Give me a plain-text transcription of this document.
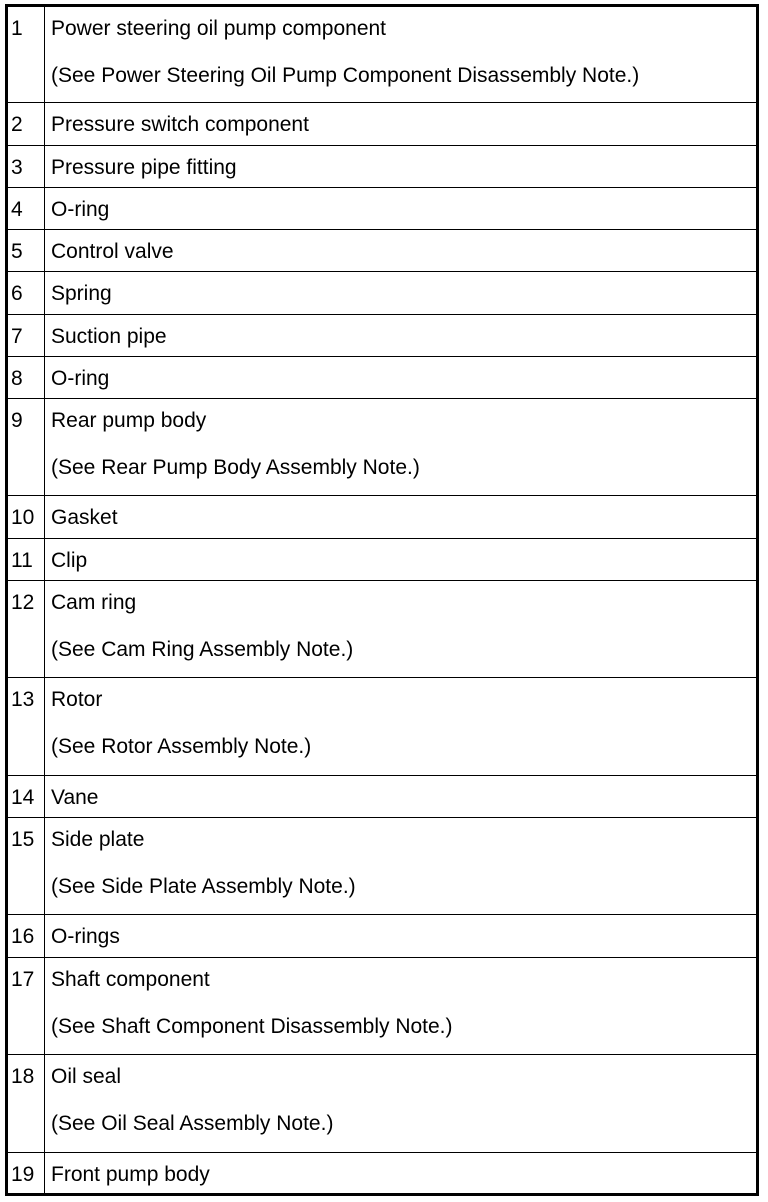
1	Power steering oil pump component
(See Power Steering Oil Pump Component Disassembly Note.)

2	Pressure switch component

3	Pressure pipe fitting

4	O-ring

5	Control valve

6	Spring

7	Suction pipe

8	O-ring

9	Rear pump body
(See Rear Pump Body Assembly Note.)

10	Gasket

11	Clip

12	Cam ring
(See Cam Ring Assembly Note.)

13	Rotor
(See Rotor Assembly Note.)

14	Vane

15	Side plate
(See Side Plate Assembly Note.)

16	O-rings

17	Shaft component
(See Shaft Component Disassembly Note.)

18	Oil seal
(See Oil Seal Assembly Note.)

19	Front pump body
